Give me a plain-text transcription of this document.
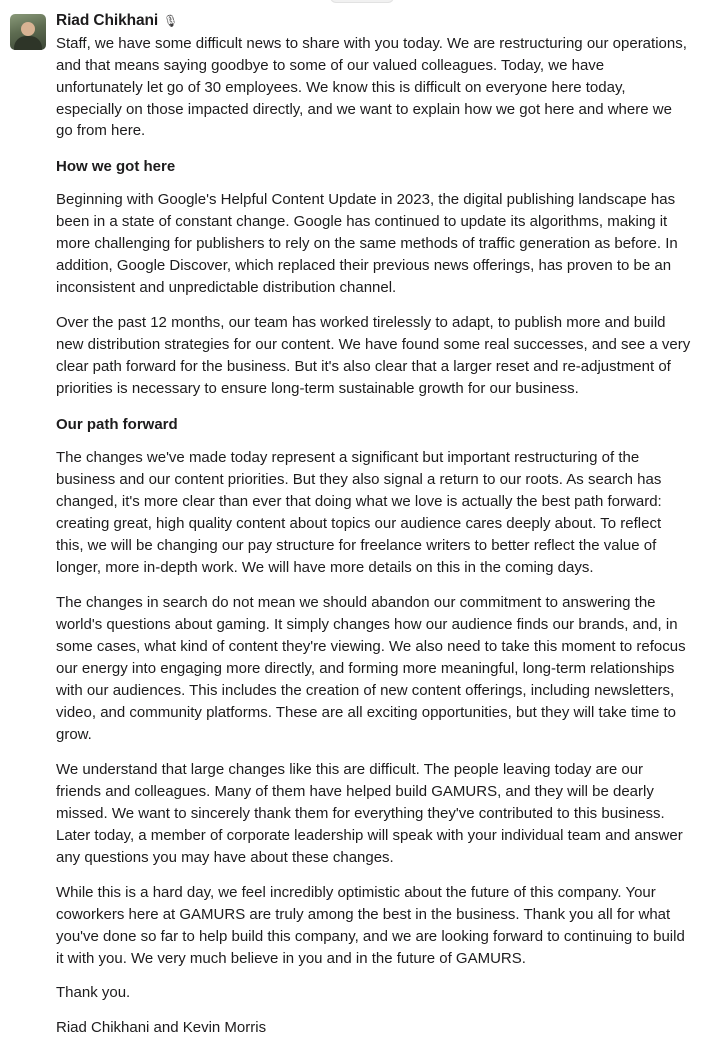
Riad Chikhani 🎙

Staff, we have some difficult news to share with you today. We are restructuring our operations, and that means saying goodbye to some of our valued colleagues. Today, we have unfortunately let go of 30 employees. We know this is difficult on everyone here today, especially on those impacted directly, and we want to explain how we got here and where we go from here.

How we got here

Beginning with Google's Helpful Content Update in 2023, the digital publishing landscape has been in a state of constant change. Google has continued to update its algorithms, making it more challenging for publishers to rely on the same methods of traffic generation as before. In addition, Google Discover, which replaced their previous news offerings, has proven to be an inconsistent and unpredictable distribution channel.

Over the past 12 months, our team has worked tirelessly to adapt, to publish more and build new distribution strategies for our content. We have found some real successes, and see a very clear path forward for the business. But it's also clear that a larger reset and re-adjustment of priorities is necessary to ensure long-term sustainable growth for our business.

Our path forward

The changes we've made today represent a significant but important restructuring of the business and our content priorities. But they also signal a return to our roots. As search has changed, it's more clear than ever that doing what we love is actually the best path forward: creating great, high quality content about topics our audience cares deeply about. To reflect this, we will be changing our pay structure for freelance writers to better reflect the value of longer, more in-depth work. We will have more details on this in the coming days.

The changes in search do not mean we should abandon our commitment to answering the world's questions about gaming. It simply changes how our audience finds our brands, and, in some cases, what kind of content they're viewing. We also need to take this moment to refocus our energy into engaging more directly, and forming more meaningful, long-term relationships with our audiences. This includes the creation of new content offerings, including newsletters, video, and community platforms. These are all exciting opportunities, but they will take time to grow.

We understand that large changes like this are difficult. The people leaving today are our friends and colleagues. Many of them have helped build GAMURS, and they will be dearly missed. We want to sincerely thank them for everything they've contributed to this business. Later today, a member of corporate leadership will speak with your individual team and answer any questions you may have about these changes.

While this is a hard day, we feel incredibly optimistic about the future of this company. Your coworkers here at GAMURS are truly among the best in the business. Thank you all for what you've done so far to help build this company, and we are looking forward to continuing to build it with you. We very much believe in you and in the future of GAMURS.

Thank you.

Riad Chikhani and Kevin Morris
